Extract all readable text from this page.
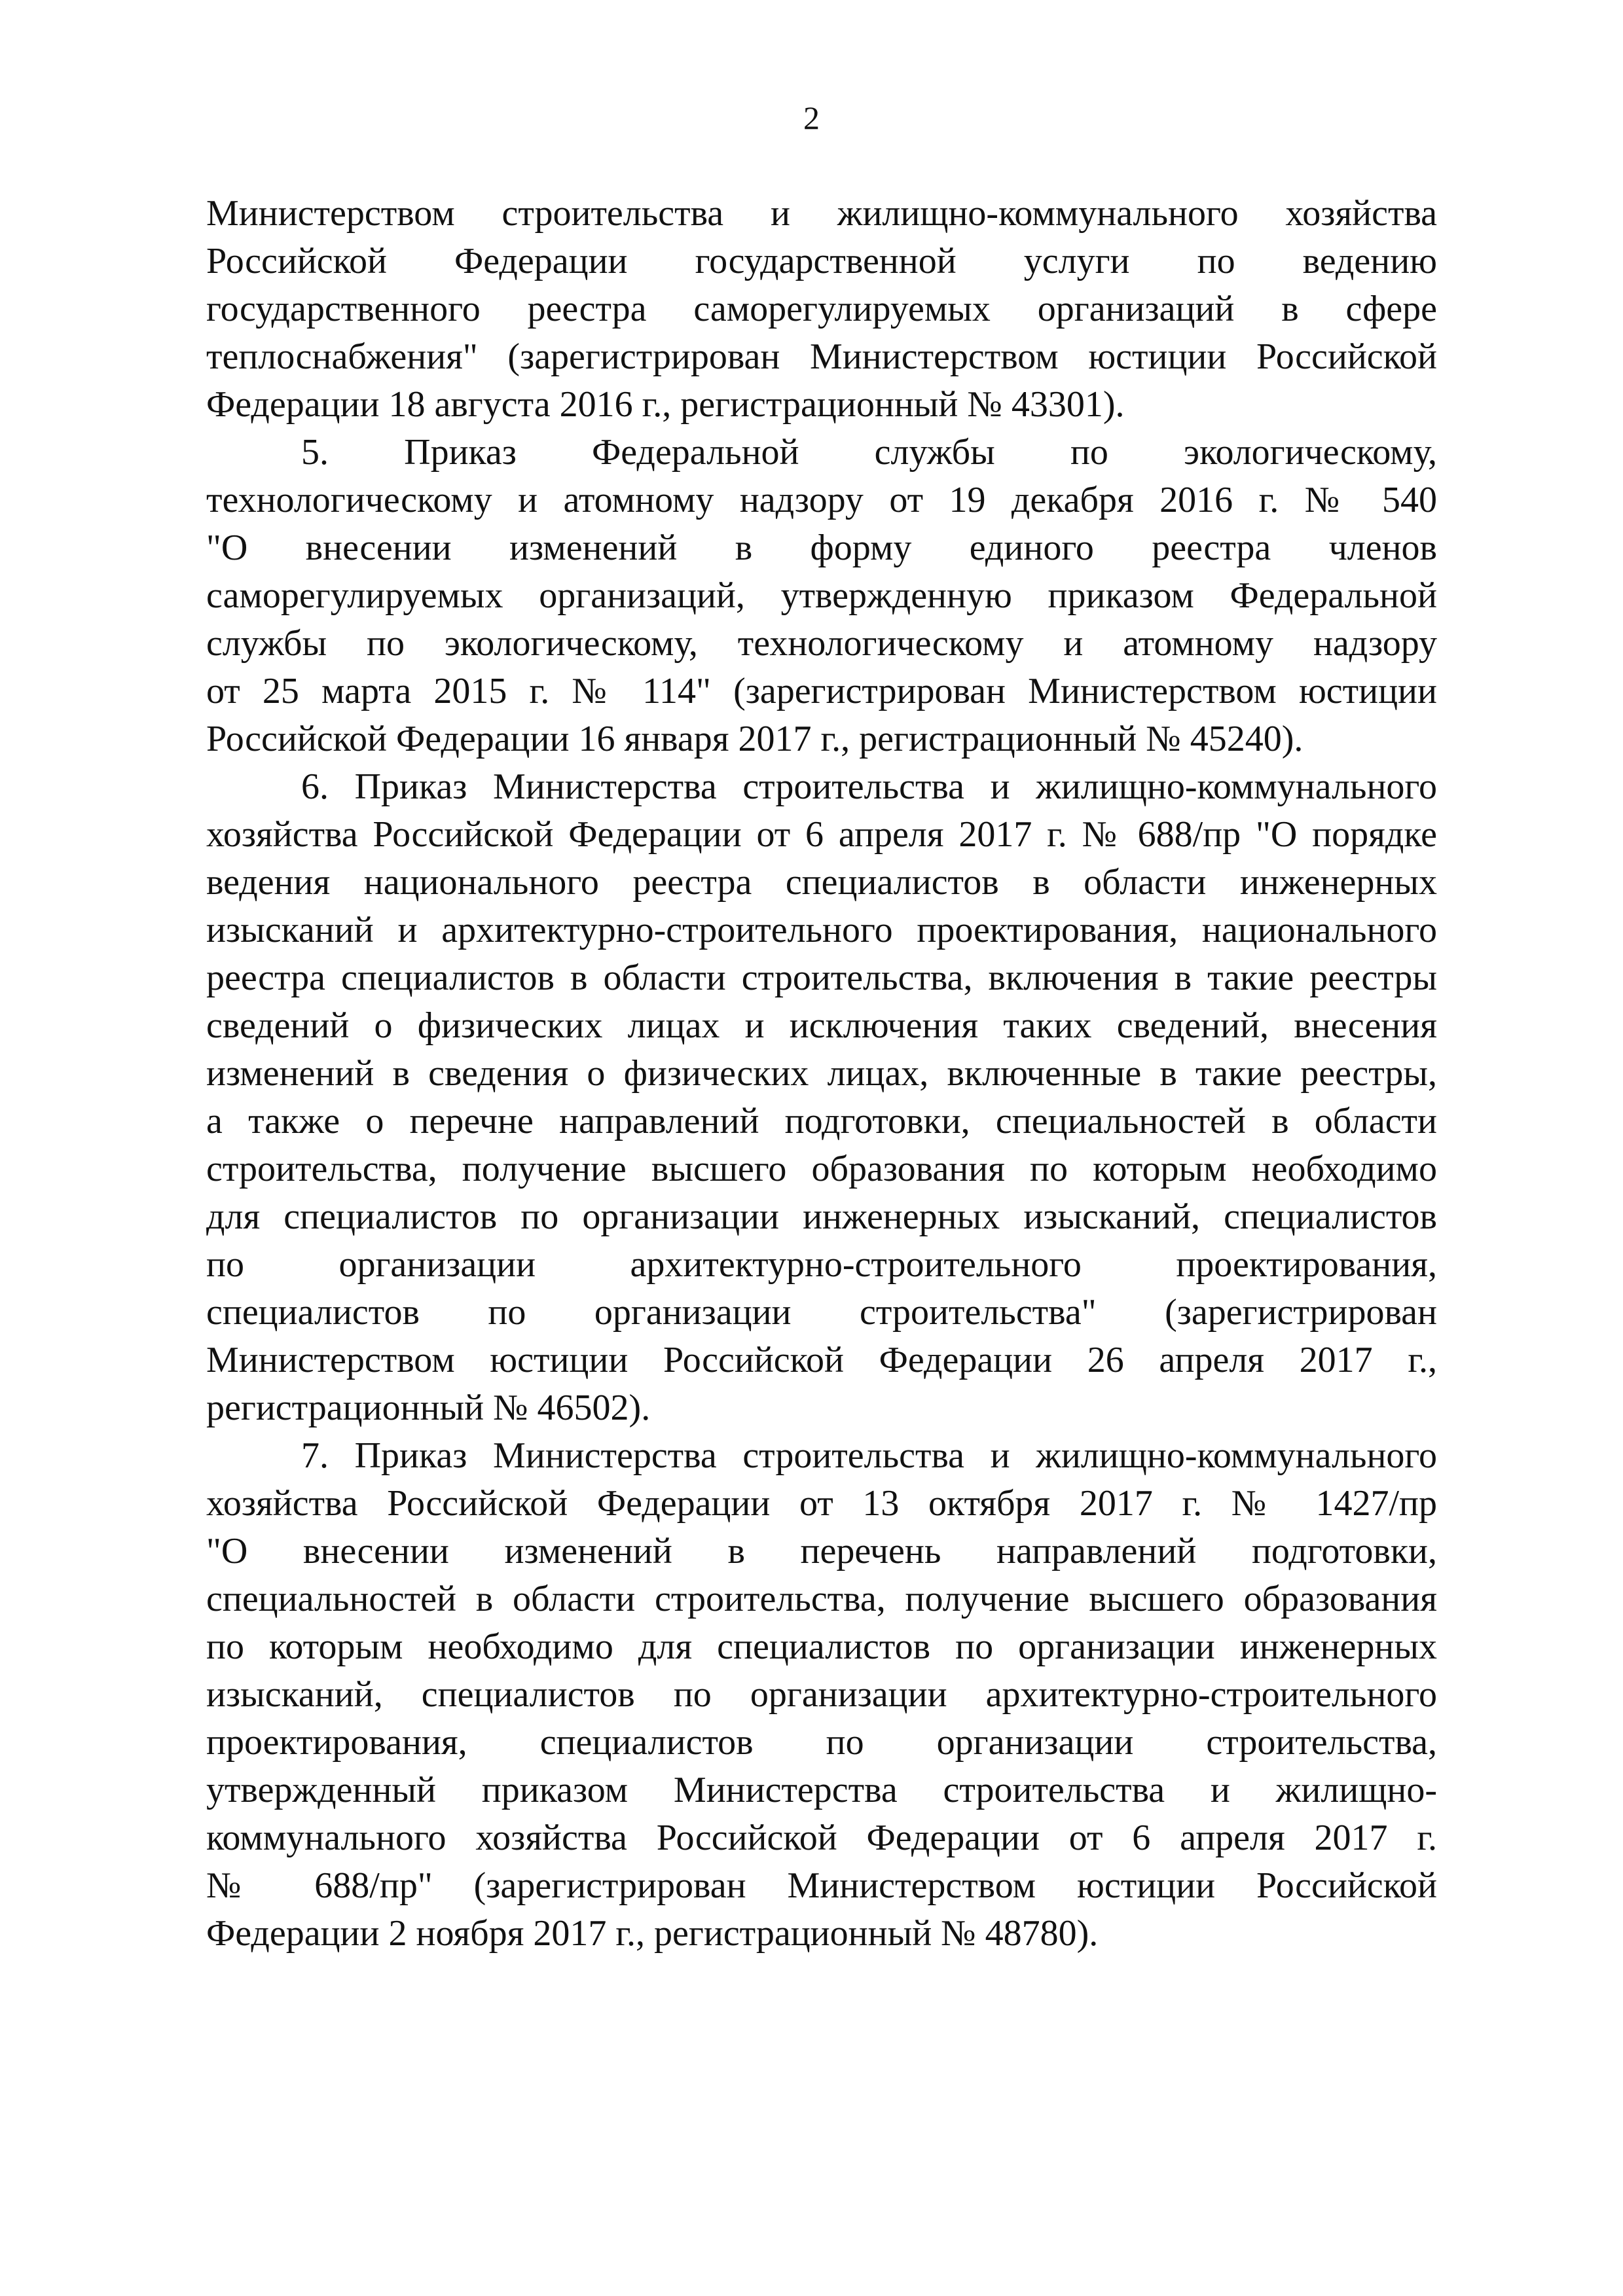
2

Министерством строительства и жилищно-коммунального хозяйства
Российской Федерации государственной услуги по ведению
государственного реестра саморегулируемых организаций в сфере
теплоснабжения" (зарегистрирован Министерством юстиции Российской
Федерации 18 августа 2016 г., регистрационный № 43301).

5. Приказ Федеральной службы по экологическому,
технологическому и атомному надзору от 19 декабря 2016 г. № 540
"О внесении изменений в форму единого реестра членов
саморегулируемых организаций, утвержденную приказом Федеральной
службы по экологическому, технологическому и атомному надзору
от 25 марта 2015 г. № 114" (зарегистрирован Министерством юстиции
Российской Федерации 16 января 2017 г., регистрационный № 45240).

6. Приказ Министерства строительства и жилищно-коммунального
хозяйства Российской Федерации от 6 апреля 2017 г. № 688/пр "О порядке
ведения национального реестра специалистов в области инженерных
изысканий и архитектурно-строительного проектирования, национального
реестра специалистов в области строительства, включения в такие реестры
сведений о физических лицах и исключения таких сведений, внесения
изменений в сведения о физических лицах, включенные в такие реестры,
а также о перечне направлений подготовки, специальностей в области
строительства, получение высшего образования по которым необходимо
для специалистов по организации инженерных изысканий, специалистов
по организации архитектурно-строительного проектирования,
специалистов по организации строительства" (зарегистрирован
Министерством юстиции Российской Федерации 26 апреля 2017 г.,
регистрационный № 46502).

7. Приказ Министерства строительства и жилищно-коммунального
хозяйства Российской Федерации от 13 октября 2017 г. № 1427/пр
"О внесении изменений в перечень направлений подготовки,
специальностей в области строительства, получение высшего образования
по которым необходимо для специалистов по организации инженерных
изысканий, специалистов по организации архитектурно-строительного
проектирования, специалистов по организации строительства,
утвержденный приказом Министерства строительства и жилищно-
коммунального хозяйства Российской Федерации от 6 апреля 2017 г.
№ 688/пр" (зарегистрирован Министерством юстиции Российской
Федерации 2 ноября 2017 г., регистрационный № 48780).
